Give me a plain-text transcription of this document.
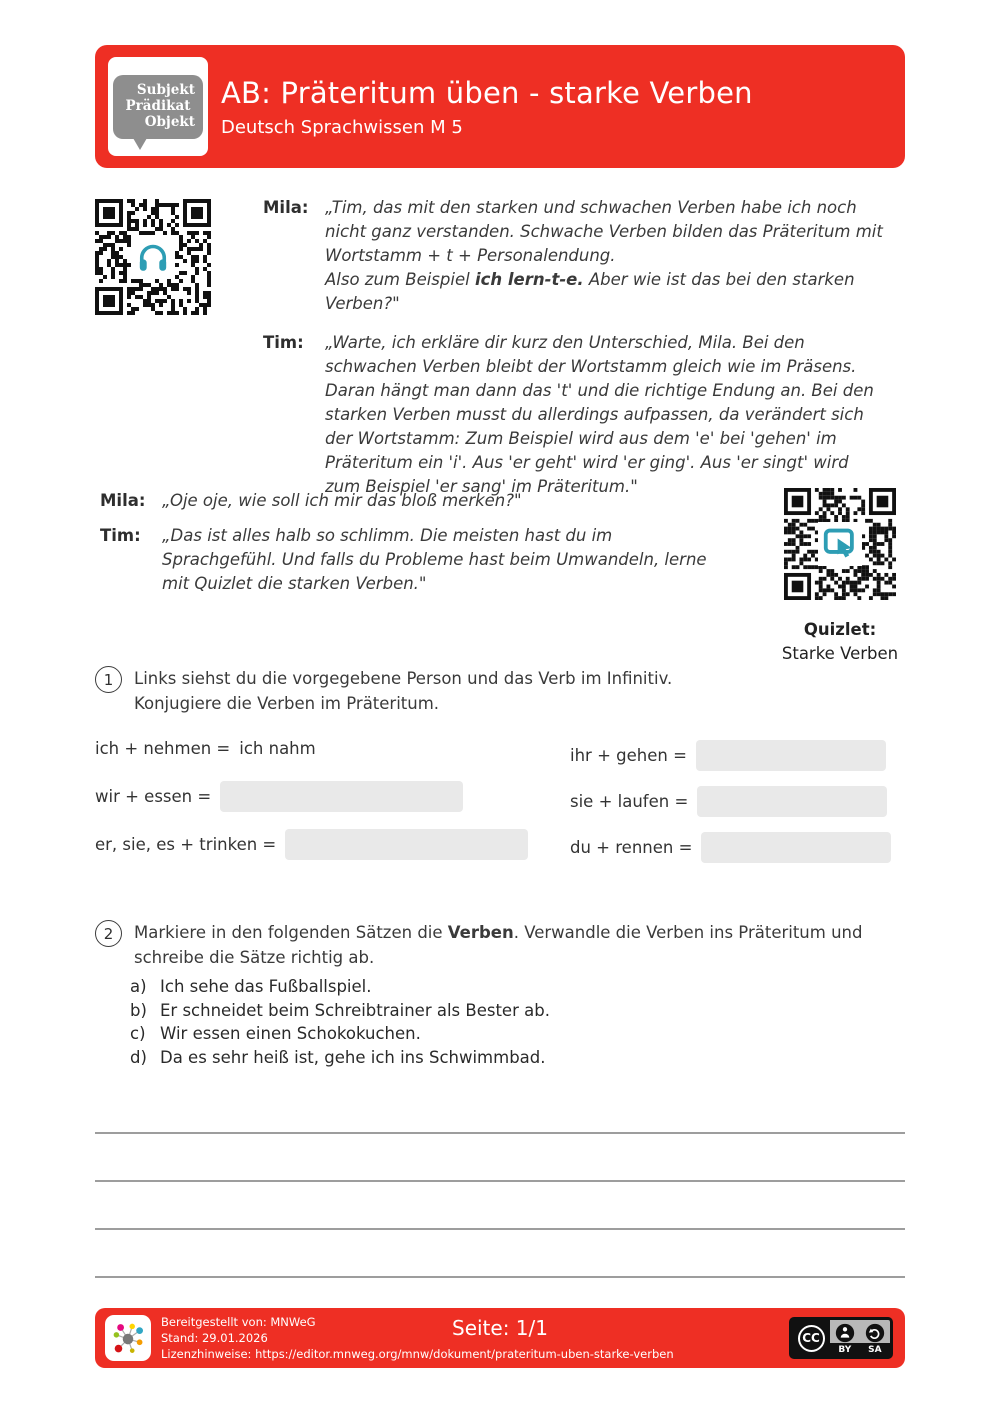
Subjekt
Prädikat
Objekt
AB: Präteritum üben - starke Verben
Deutsch Sprachwissen M 5
Mila:	„Tim, das mit den starken und schwachen Verben habe ich noch nicht ganz verstanden. Schwache Verben bilden das Präteritum mit Wortstamm + t + Personalendung.
Also zum Beispiel ich lern-t-e. Aber wie ist das bei den starken Verben?"
Tim:	„Warte, ich erkläre dir kurz den Unterschied, Mila. Bei den schwachen Verben bleibt der Wortstamm gleich wie im Präsens. Daran hängt man dann das 't' und die richtige Endung an. Bei den starken Verben musst du allerdings aufpassen, da verändert sich der Wortstamm: Zum Beispiel wird aus dem 'e' bei 'gehen' im Präteritum ein 'i'. Aus 'er geht' wird 'er ging'. Aus 'er singt' wird zum Beispiel 'er sang' im Präteritum."
Mila:	„Oje oje, wie soll ich mir das bloß merken?"
Tim:	„Das ist alles halb so schlimm. Die meisten hast du im Sprachgefühl. Und falls du Probleme hast beim Umwandeln, lerne mit Quizlet die starken Verben."
Quizlet:
Starke Verben
1	Links siehst du die vorgegebene Person und das Verb im Infinitiv.
Konjugiere die Verben im Präteritum.
ich + nehmen = ich nahm
wir + essen =
er, sie, es + trinken =
ihr + gehen =
sie + laufen =
du + rennen =
2	Markiere in den folgenden Sätzen die Verben. Verwandle die Verben ins Präteritum und schreibe die Sätze richtig ab.
a) Ich sehe das Fußballspiel.
b) Er schneidet beim Schreibtrainer als Bester ab.
c) Wir essen einen Schokokuchen.
d) Da es sehr heiß ist, gehe ich ins Schwimmbad.
Bereitgestellt von: MNWeG
Stand: 29.01.2026
Lizenzhinweise: https://editor.mnweg.org/mnw/dokument/prateritum-uben-starke-verben
Seite: 1/1	CC
BY SA
